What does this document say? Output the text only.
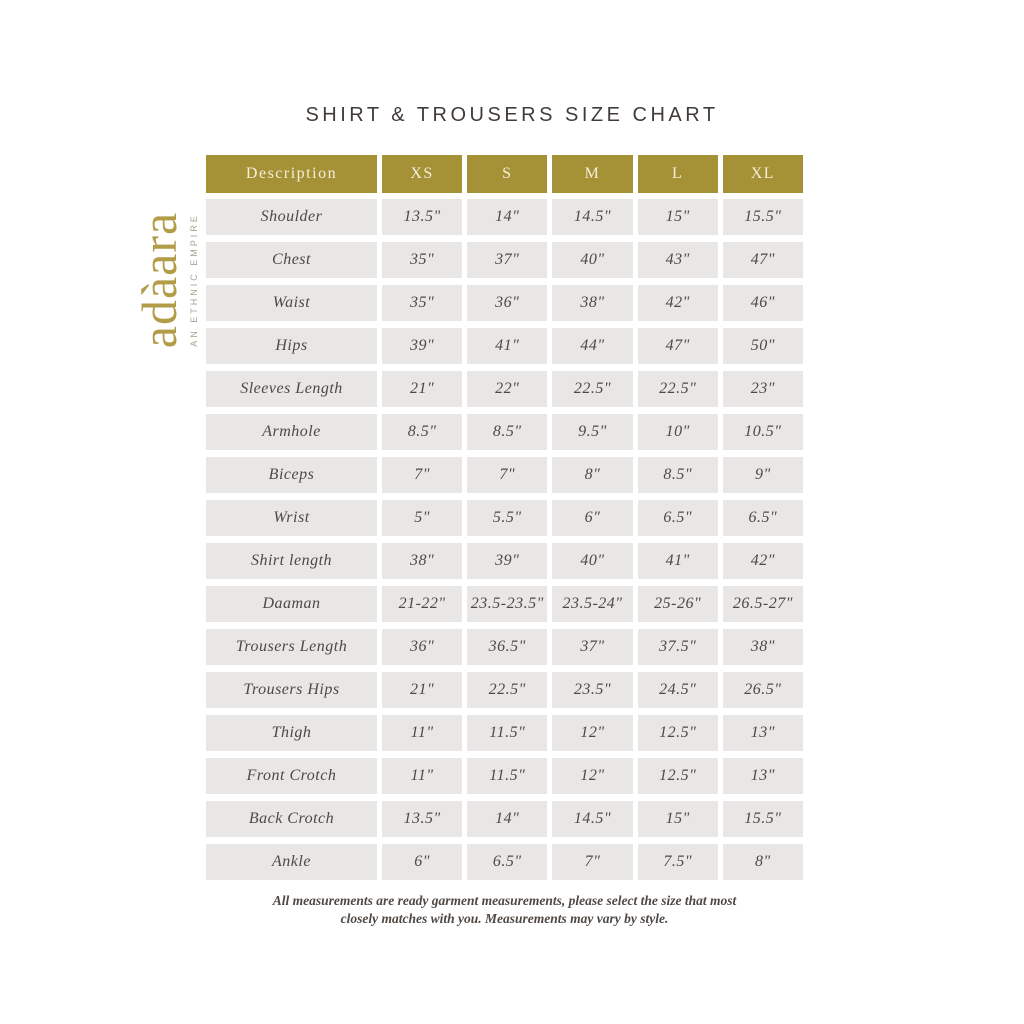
adàara AN ETHNIC EMPIRE
SHIRT & TROUSERS SIZE CHART
Description	XS	S	M	L	XL
Shoulder	13.5"	14"	14.5"	15"	15.5"
Chest	35"	37"	40"	43"	47"
Waist	35"	36"	38"	42"	46"
Hips	39"	41"	44"	47"	50"
Sleeves Length	21"	22"	22.5"	22.5"	23"
Armhole	8.5"	8.5"	9.5"	10"	10.5"
Biceps	7"	7"	8"	8.5"	9"
Wrist	5"	5.5"	6"	6.5"	6.5"
Shirt length	38"	39"	40"	41"	42"
Daaman	21-22"	23.5-23.5"	23.5-24"	25-26"	26.5-27"
Trousers Length	36"	36.5"	37"	37.5"	38"
Trousers Hips	21"	22.5"	23.5"	24.5"	26.5"
Thigh	11"	11.5"	12"	12.5"	13"
Front Crotch	11"	11.5"	12"	12.5"	13"
Back Crotch	13.5"	14"	14.5"	15"	15.5"
Ankle	6"	6.5"	7"	7.5"	8"
All measurements are ready garment measurements, please select the size that most
closely matches with you. Measurements may vary by style.
